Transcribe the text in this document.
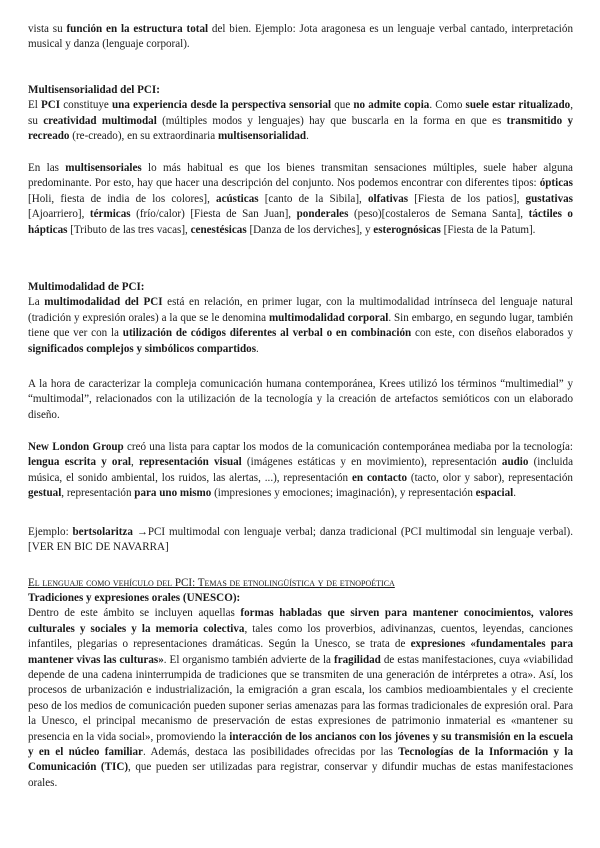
vista su función en la estructura total del bien. Ejemplo: Jota aragonesa es un lenguaje verbal cantado, interpretación musical y danza (lenguaje corporal).

Multisensorialidad del PCI:
El PCI constituye una experiencia desde la perspectiva sensorial que no admite copia. Como suele estar ritualizado, su creatividad multimodal (múltiples modos y lenguajes) hay que buscarla en la forma en que es transmitido y recreado (re-creado), en su extraordinaria multisensorialidad.

En las multisensoriales lo más habitual es que los bienes transmitan sensaciones múltiples, suele haber alguna predominante. Por esto, hay que hacer una descripción del conjunto. Nos podemos encontrar con diferentes tipos: ópticas [Holi, fiesta de india de los colores], acústicas [canto de la Sibila], olfativas [Fiesta de los patios], gustativas [Ajoarriero], térmicas (frío/calor) [Fiesta de San Juan], ponderales (peso)[costaleros de Semana Santa], táctiles o hápticas [Tributo de las tres vacas], cenestésicas [Danza de los derviches], y esterognósicas [Fiesta de la Patum].

Multimodalidad de PCI:
La multimodalidad del PCI está en relación, en primer lugar, con la multimodalidad intrínseca del lenguaje natural (tradición y expresión orales) a la que se le denomina multimodalidad corporal. Sin embargo, en segundo lugar, también tiene que ver con la utilización de códigos diferentes al verbal o en combinación con este, con diseños elaborados y significados complejos y simbólicos compartidos.

A la hora de caracterizar la compleja comunicación humana contemporánea, Krees utilizó los términos “multimedial” y “multimodal”, relacionados con la utilización de la tecnología y la creación de artefactos semióticos con un elaborado diseño.

New London Group creó una lista para captar los modos de la comunicación contemporánea mediaba por la tecnología: lengua escrita y oral, representación visual (imágenes estáticas y en movimiento), representación audio (incluida música, el sonido ambiental, los ruidos, las alertas, ...), representación en contacto (tacto, olor y sabor), representación gestual, representación para uno mismo (impresiones y emociones; imaginación), y representación espacial.

Ejemplo: bertsolaritza →PCI multimodal con lenguaje verbal; danza tradicional (PCI multimodal sin lenguaje verbal). [VER EN BIC DE NAVARRA]

El lenguaje como vehículo del PCI: Temas de etnolingüística y de etnopoética

Tradiciones y expresiones orales (UNESCO):
Dentro de este ámbito se incluyen aquellas formas habladas que sirven para mantener conocimientos, valores culturales y sociales y la memoria colectiva, tales como los proverbios, adivinanzas, cuentos, leyendas, canciones infantiles, plegarias o representaciones dramáticas. Según la Unesco, se trata de expresiones «fundamentales para mantener vivas las culturas». El organismo también advierte de la fragilidad de estas manifestaciones, cuya «viabilidad depende de una cadena ininterrumpida de tradiciones que se transmiten de una generación de intérpretes a otra». Así, los procesos de urbanización e industrialización, la emigración a gran escala, los cambios medioambientales y el creciente peso de los medios de comunicación pueden suponer serias amenazas para las formas tradicionales de expresión oral. Para la Unesco, el principal mecanismo de preservación de estas expresiones de patrimonio inmaterial es «mantener su presencia en la vida social», promoviendo la interacción de los ancianos con los jóvenes y su transmisión en la escuela y en el núcleo familiar. Además, destaca las posibilidades ofrecidas por las Tecnologías de la Información y la Comunicación (TIC), que pueden ser utilizadas para registrar, conservar y difundir muchas de estas manifestaciones orales.
